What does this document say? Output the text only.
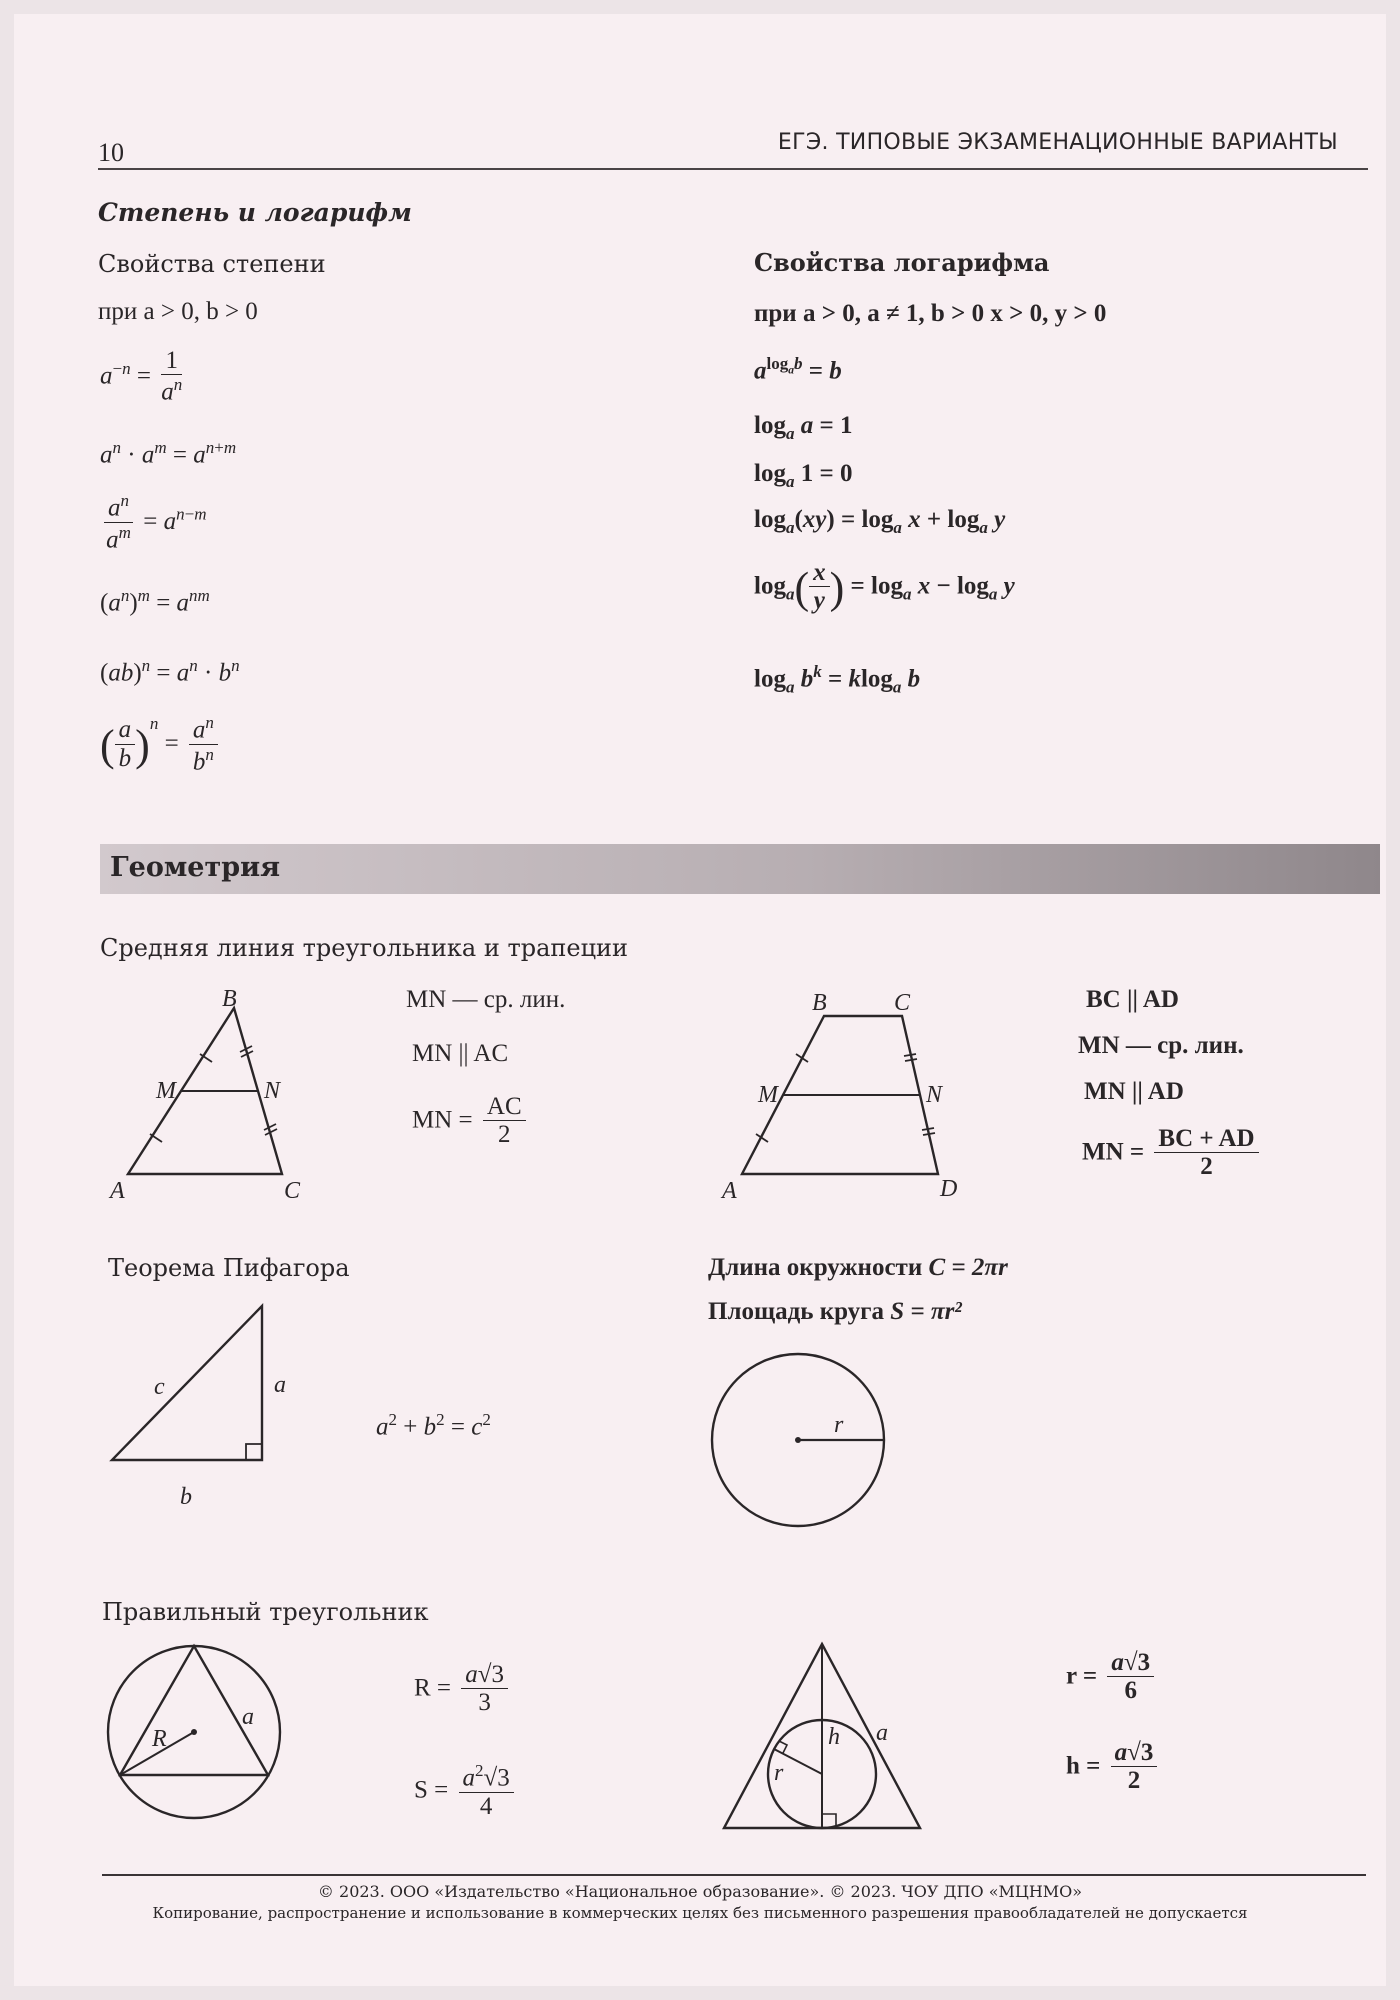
10	ЕГЭ. ТИПОВЫЕ ЭКЗАМЕНАЦИОННЫЕ ВАРИАНТЫ
Степень и логарифм
Свойства степени
при a > 0, b > 0
$a^{-n} = \frac{1}{a^n}$
$a^n \cdot a^m = a^{n+m}$
$\frac{a^n}{a^m} = a^{n-m}$
$(a^n)^m = a^{nm}$
$(ab)^n = a^n \cdot b^n$
( $\frac{a}{b} )^n = \frac{a^n}{b^n}$
Свойства логарифма
при a > 0, a ≠ 1, b > 0 x > 0, y > 0
$a^{log_ab} = b$
$\log_a a = 1$
$\log_a 1 = 0$
$\log_a(xy) = \log_a x + \log_a y$
$\log_a( \frac{x}{y}$ ) = $\log_a x - \log_a y$
$\log_a b^k = klog_a$ b
Геометрия
Средняя линия треугольника и трапеции
B
M	N
A	C
MN — ср. лин.
MN || AC
MN = $\frac{AC}{2}$
B	C
M	N
A	D
BC || AD
MN — ср. лин.
MN || AD
MN = $\frac{BC + AD}{2}$
Теорема Пифагора
c	a
b
$a^2 + b^2 = c^2$
Длина окружности C = 2πr
Площадь круга S = πr²
r
Правильный треугольник
R
a
$R = \frac{a√3}{3}$
$S = \frac{a^2√3}{4}$
h a
r
$r = \frac{a√3}{6}$
$h = \frac{a√3}{2}$
© 2023. ООО «Издательство «Национальное образование». © 2023. ЧОУ ДПО «МЦНМО»
Копирование, распространение и использование в коммерческих целях без письменного разрешения правообладателей не допускается
